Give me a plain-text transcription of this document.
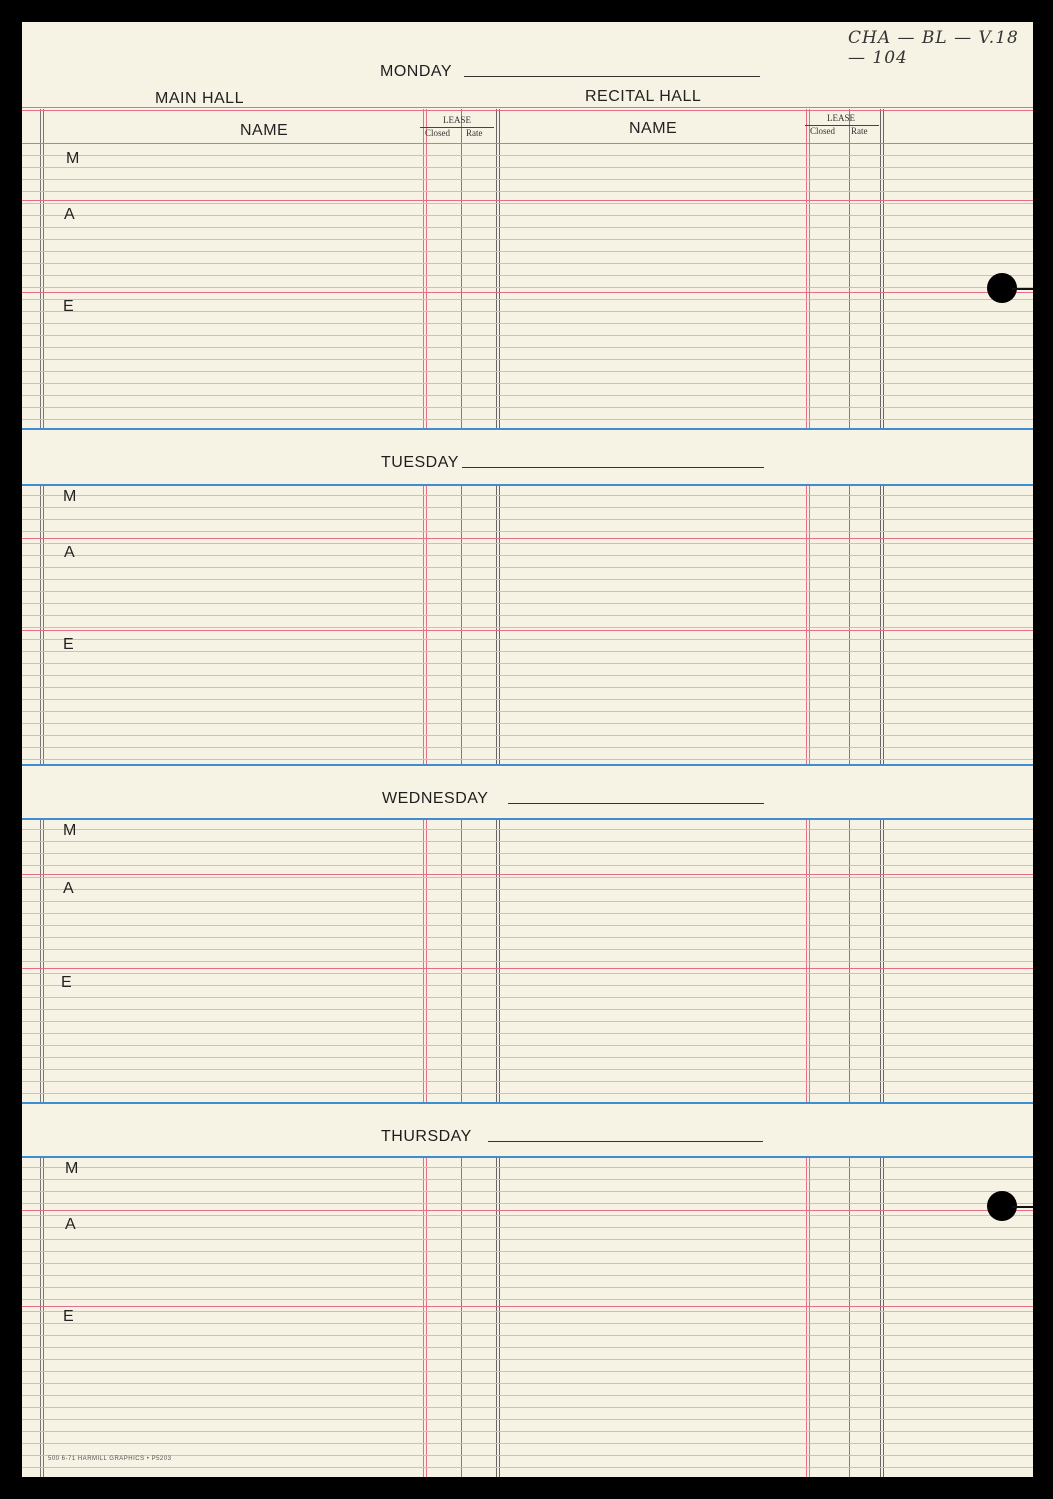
CHA — BL — V.18 — 104
MAIN HALL	RECITAL HALL
NAME	NAME
LEASE
Closed Rate
LEASE
Closed Rate
MONDAY
TUESDAY
WEDNESDAY
THURSDAY
M
A
E
M
A
E
M
A
E
M
A
E
500 6-71 HARMILL GRAPHICS • P5203
